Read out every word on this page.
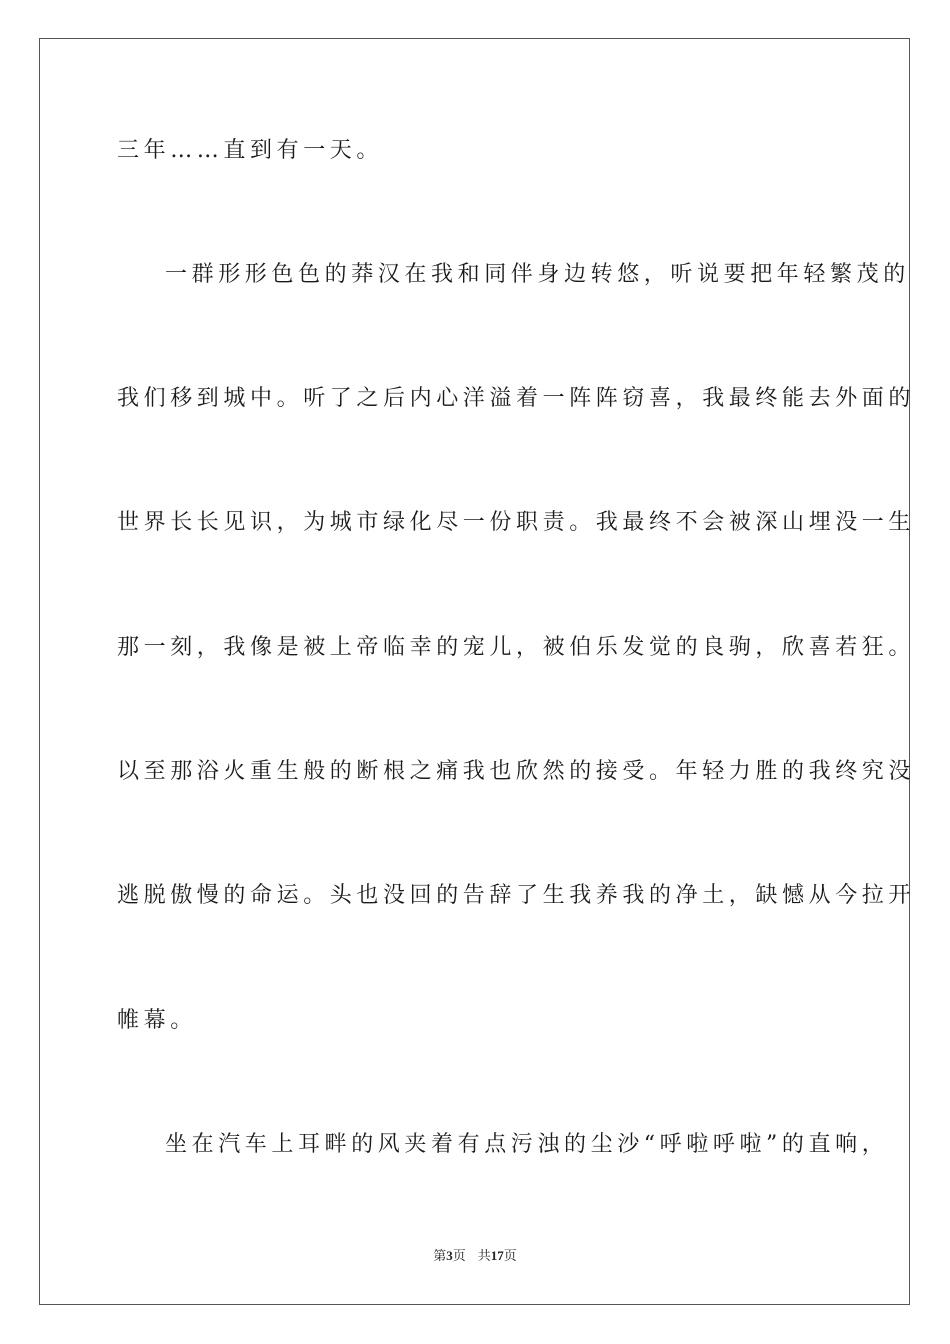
三年……直到有一天。
一群形形色色的莽汉在我和同伴身边转悠，听说要把年轻繁茂的
我们移到城中。听了之后内心洋溢着一阵阵窃喜，我最终能去外面的
世界长长见识，为城市绿化尽一份职责。我最终不会被深山埋没一生
那一刻，我像是被上帝临幸的宠儿，被伯乐发觉的良驹，欣喜若狂。
以至那浴火重生般的断根之痛我也欣然的接受。年轻力胜的我终究没
逃脱傲慢的命运。头也没回的告辞了生我养我的净土，缺憾从今拉开
帷幕。
坐在汽车上耳畔的风夹着有点污浊的尘沙“呼啦呼啦”的直响，
第3页 共17页
